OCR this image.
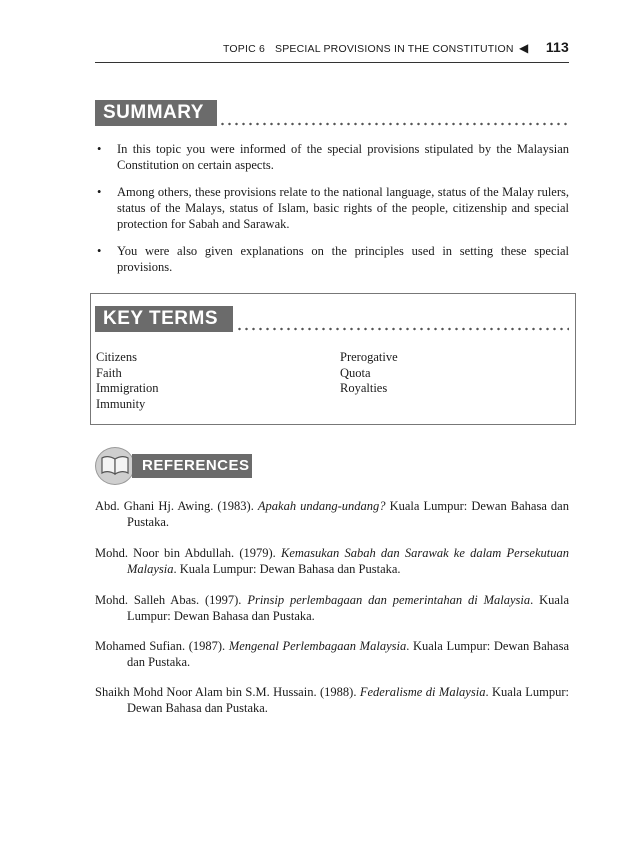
TOPIC 6 SPECIAL PROVISIONS IN THE CONSTITUTION ◀ 113
SUMMARY
• In this topic you were informed of the special provisions stipulated by the Malaysian Constitution on certain aspects.
• Among others, these provisions relate to the national language, status of the Malay rulers, status of the Malays, status of Islam, basic rights of the people, citizenship and special protection for Sabah and Sarawak.
• You were also given explanations on the principles used in setting these special provisions.
KEY TERMS
Citizens
Faith
Immigration
Immunity
Prerogative
Quota
Royalties
REFERENCES
Abd. Ghani Hj. Awing. (1983). Apakah undang-undang? Kuala Lumpur: Dewan Bahasa dan Pustaka.
Mohd. Noor bin Abdullah. (1979). Kemasukan Sabah dan Sarawak ke dalam Persekutuan Malaysia. Kuala Lumpur: Dewan Bahasa dan Pustaka.
Mohd. Salleh Abas. (1997). Prinsip perlembagaan dan pemerintahan di Malaysia. Kuala Lumpur: Dewan Bahasa dan Pustaka.
Mohamed Sufian. (1987). Mengenal Perlembagaan Malaysia. Kuala Lumpur: Dewan Bahasa dan Pustaka.
Shaikh Mohd Noor Alam bin S.M. Hussain. (1988). Federalisme di Malaysia. Kuala Lumpur: Dewan Bahasa dan Pustaka.
